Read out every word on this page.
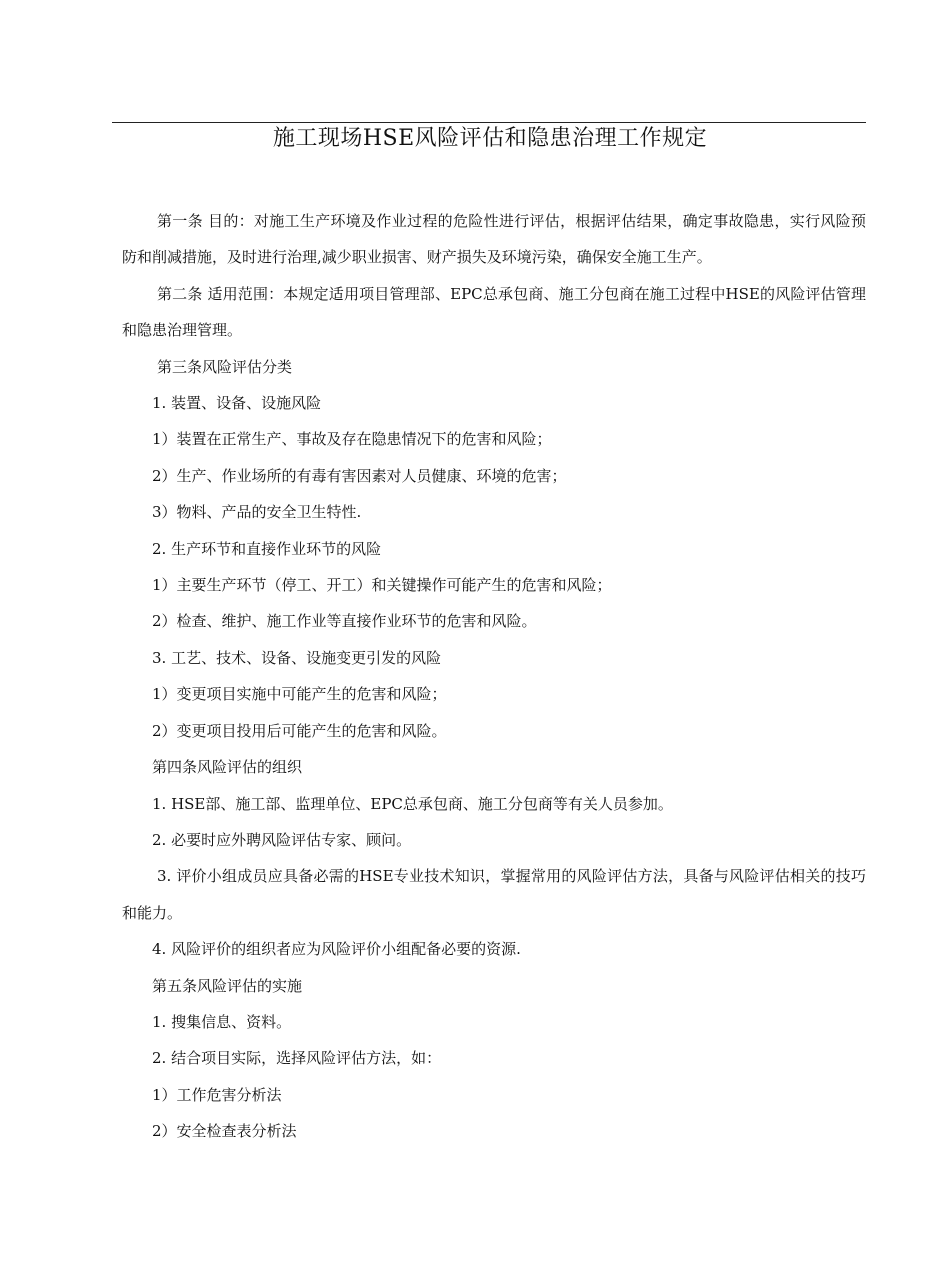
施工现场HSE风险评估和隐患治理工作规定

第一条 目的：对施工生产环境及作业过程的危险性进行评估，根据评估结果，确定事故隐患，实行风险预防和削减措施，及时进行治理,减少职业损害、财产损失及环境污染，确保安全施工生产。

第二条 适用范围：本规定适用项目管理部、EPC总承包商、施工分包商在施工过程中HSE的风险评估管理和隐患治理管理。

第三条风险评估分类

1. 装置、设备、设施风险

1）装置在正常生产、事故及存在隐患情况下的危害和风险；

2）生产、作业场所的有毒有害因素对人员健康、环境的危害；

3）物料、产品的安全卫生特性.

2. 生产环节和直接作业环节的风险

1）主要生产环节（停工、开工）和关键操作可能产生的危害和风险；

2）检查、维护、施工作业等直接作业环节的危害和风险。

3. 工艺、技术、设备、设施变更引发的风险

1）变更项目实施中可能产生的危害和风险；

2）变更项目投用后可能产生的危害和风险。

第四条风险评估的组织

1. HSE部、施工部、监理单位、EPC总承包商、施工分包商等有关人员参加。

2. 必要时应外聘风险评估专家、顾问。

3. 评价小组成员应具备必需的HSE专业技术知识，掌握常用的风险评估方法，具备与风险评估相关的技巧和能力。

4. 风险评价的组织者应为风险评价小组配备必要的资源.

第五条风险评估的实施

1. 搜集信息、资料。

2. 结合项目实际，选择风险评估方法，如：

1）工作危害分析法

2）安全检查表分析法
